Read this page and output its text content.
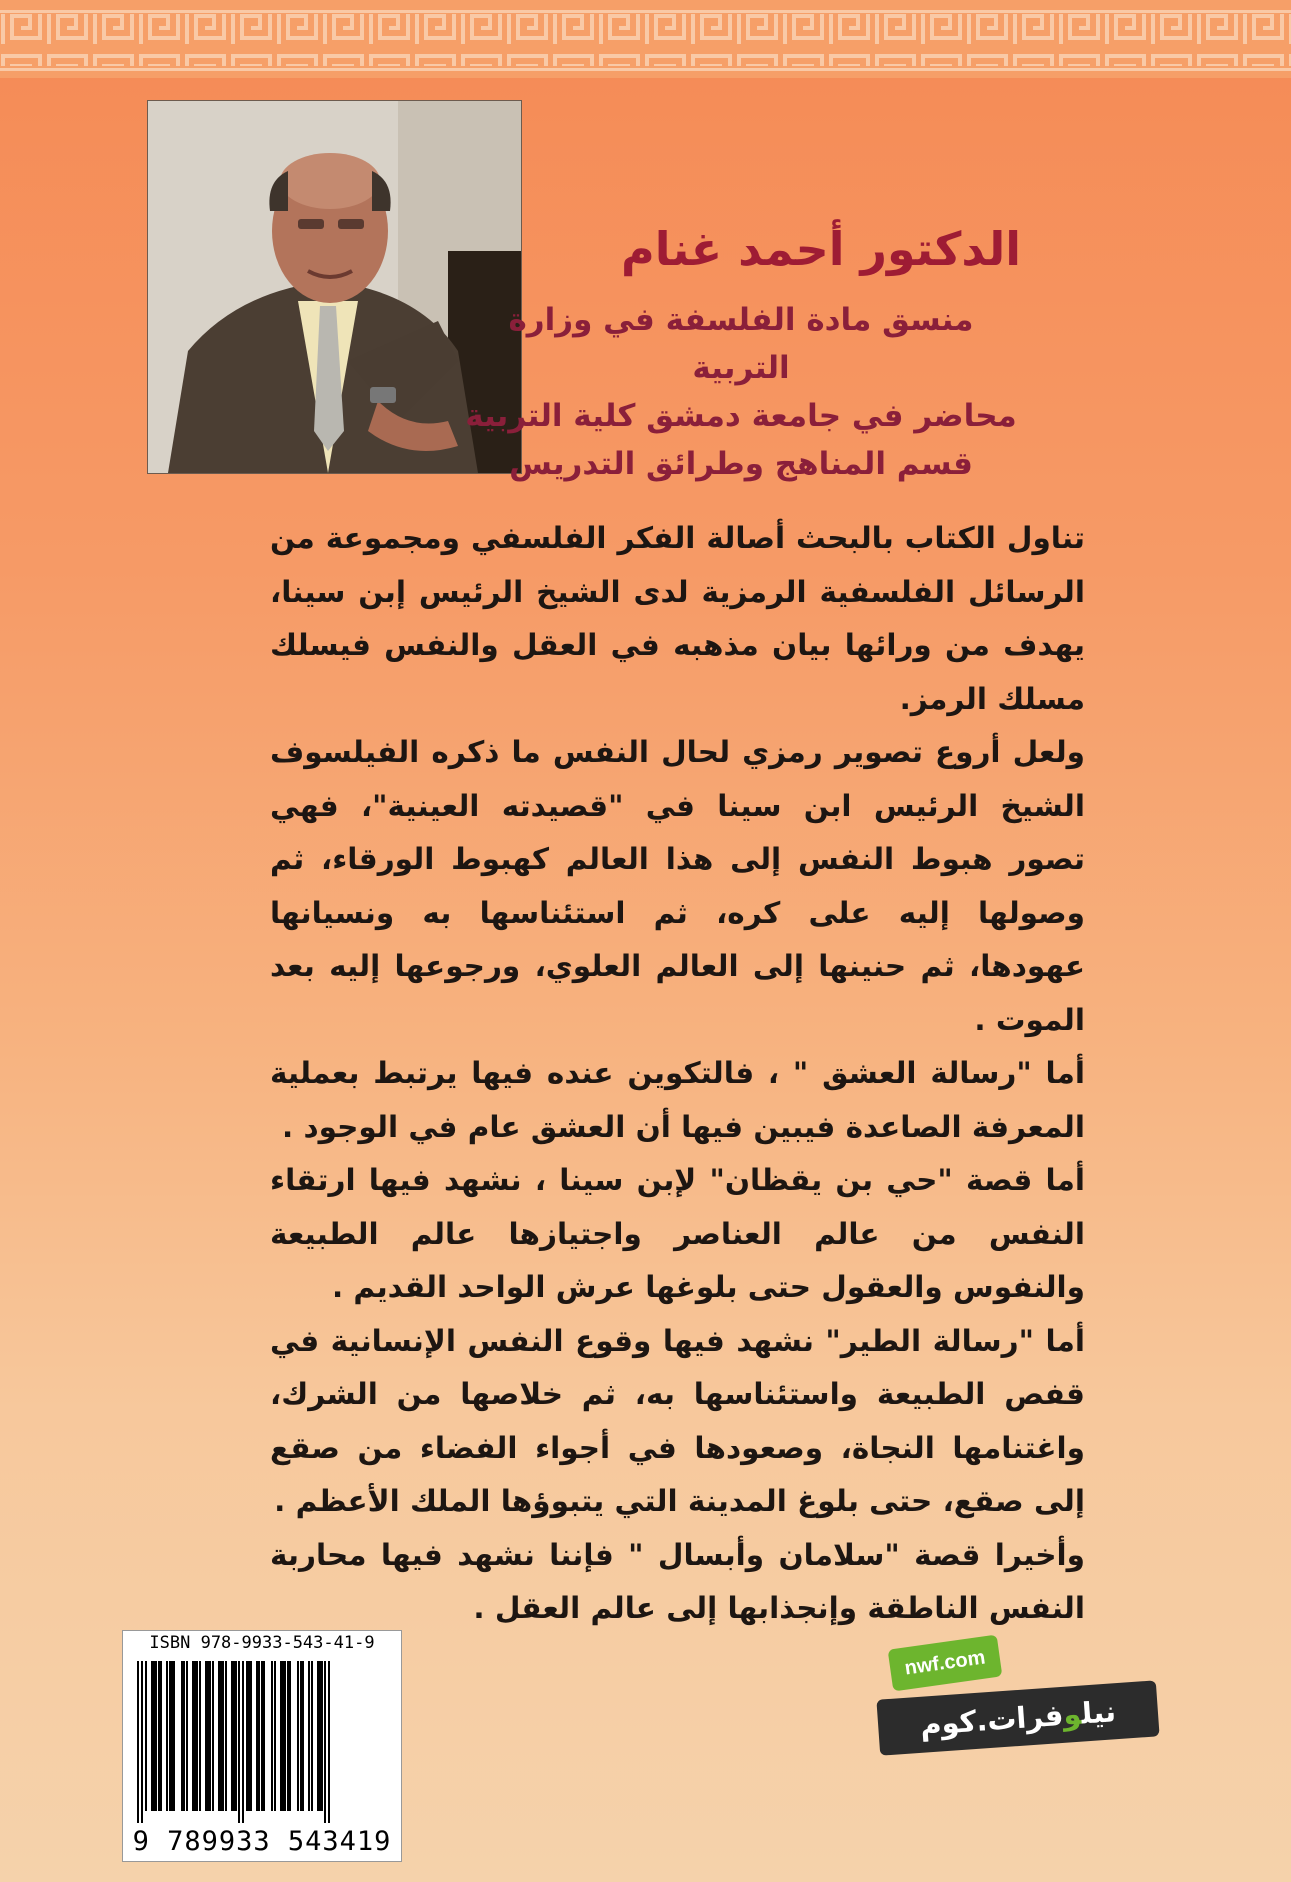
الدكتور أحمد غنام
منسق مادة الفلسفة في وزارة التربية
محاضر في جامعة دمشق كلية التربية
قسم المناهج وطرائق التدريس

تناول الكتاب بالبحث أصالة الفكر الفلسفي ومجموعة من الرسائل الفلسفية الرمزية لدى الشيخ الرئيس إبن سينا، يهدف من ورائها بيان مذهبه في العقل والنفس فيسلك مسلك الرمز.

ولعل أروع تصوير رمزي لحال النفس ما ذكره الفيلسوف الشيخ الرئيس ابن سينا في "قصيدته العينية"، فهي تصور هبوط النفس إلى هذا العالم كهبوط الورقاء، ثم وصولها إليه على كره، ثم استئناسها به ونسيانها عهودها، ثم حنينها إلى العالم العلوي، ورجوعها إليه بعد الموت .

أما "رسالة العشق " ، فالتكوين عنده فيها يرتبط بعملية المعرفة الصاعدة فيبين فيها أن العشق عام في الوجود .

أما قصة "حي بن يقظان" لإبن سينا ، نشهد فيها ارتقاء النفس من عالم العناصر واجتيازها عالم الطبيعة والنفوس والعقول حتى بلوغها عرش الواحد القديم .

أما "رسالة الطير" نشهد فيها وقوع النفس الإنسانية في قفص الطبيعة واستئناسها به، ثم خلاصها من الشرك، واغتنامها النجاة، وصعودها في أجواء الفضاء من صقع إلى صقع، حتى بلوغ المدينة التي يتبوؤها الملك الأعظم .

وأخيرا قصة "سلامان وأبسال " فإننا نشهد فيها محاربة النفس الناطقة وإنجذابها إلى عالم العقل .

ISBN 978-9933-543-41-9
9 789933 543419
nwf.com
نيلوفرات.كوم
